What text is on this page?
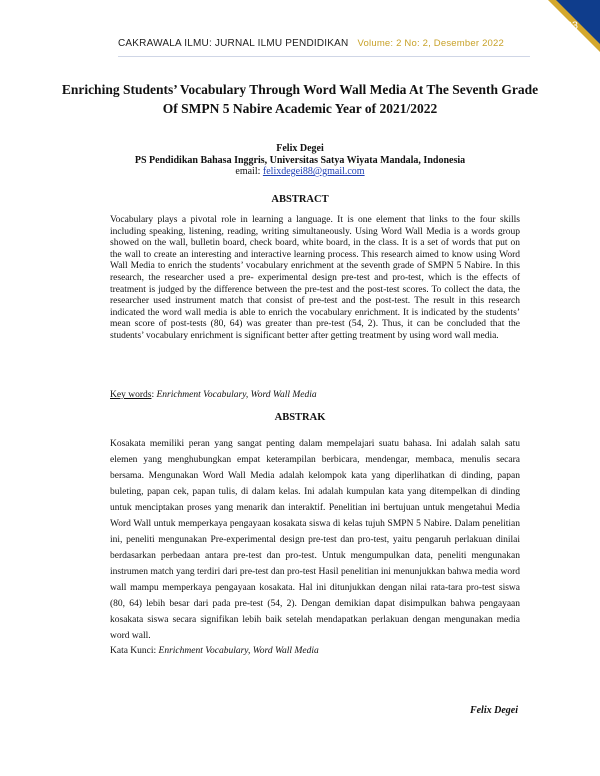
23
CAKRAWALA ILMU: JURNAL ILMU PENDIDIKAN Volume: 2 No: 2, Desember 2022
Enriching Students’ Vocabulary Through Word Wall Media At The Seventh Grade Of SMPN 5 Nabire Academic Year of 2021/2022
Felix Degei
PS Pendidikan Bahasa Inggris, Universitas Satya Wiyata Mandala, Indonesia
email: felixdegei88@gmail.com
ABSTRACT
Vocabulary plays a pivotal role in learning a language. It is one element that links to the four skills including speaking, listening, reading, writing simultaneously. Using Word Wall Media is a words group showed on the wall, bulletin board, check board, white board, in the class. It is a set of words that put on the wall to create an interesting and interactive learning process. This research aimed to know using Word Wall Media to enrich the students’ vocabulary enrichment at the seventh grade of SMPN 5 Nabire. In this research, the researcher used a pre- experimental design pre-test and pro-test, which is the effects of treatment is judged by the difference between the pre-test and the post-test scores. To collect the data, the researcher used instrument match that consist of pre-test and the post-test. The result in this research indicated the word wall media is able to enrich the vocabulary enrichment. It is indicated by the students’ mean score of post-tests (80, 64) was greater than pre-test (54, 2). Thus, it can be concluded that the students’ vocabulary enrichment is significant better after getting treatment by using word wall media.
Key words: Enrichment Vocabulary, Word Wall Media
ABSTRAK
Kosakata memiliki peran yang sangat penting dalam mempelajari suatu bahasa. Ini adalah salah satu elemen yang menghubungkan empat keterampilan berbicara, mendengar, membaca, menulis secara bersama. Mengunakan Word Wall Media adalah kelompok kata yang diperlihatkan di dinding, papan buleting, papan cek, papan tulis, di dalam kelas. Ini adalah kumpulan kata yang ditempelkan di dinding untuk menciptakan proses yang menarik dan interaktif. Penelitian ini bertujuan untuk mengetahui Media Word Wall untuk memperkaya pengayaan kosakata siswa di kelas tujuh SMPN 5 Nabire. Dalam penelitian ini, peneliti mengunakan Pre-experimental design pre-test dan pro-test, yaitu pengaruh perlakuan dinilai berdasarkan perbedaan antara pre-test dan pro-test. Untuk mengumpulkan data, peneliti mengunakan instrumen match yang terdiri dari pre-test dan pro-test Hasil penelitian ini menunjukkan bahwa media word wall mampu memperkaya pengayaan kosakata. Hal ini ditunjukkan dengan nilai rata-tara pro-test siswa (80, 64) lebih besar dari pada pre-test (54, 2). Dengan demikian dapat disimpulkan bahwa pengayaan kosakata siswa secara signifikan lebih baik setelah mendapatkan perlakuan dengan mengunakan media word wall.
Kata Kunci: Enrichment Vocabulary, Word Wall Media
Felix Degei
